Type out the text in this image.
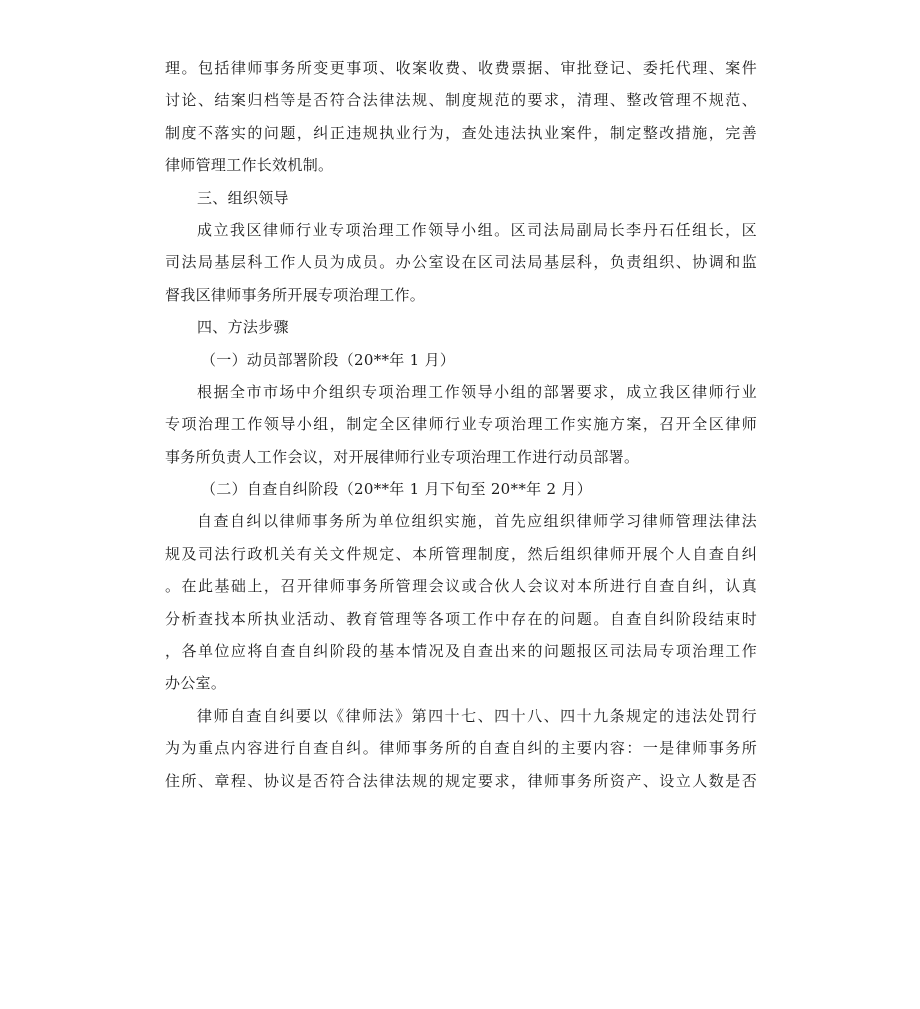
理。包括律师事务所变更事项、收案收费、收费票据、审批登记、委托代理、案件
讨论、结案归档等是否符合法律法规、制度规范的要求，清理、整改管理不规范、
制度不落实的问题，纠正违规执业行为，查处违法执业案件，制定整改措施，完善
律师管理工作长效机制。
三、组织领导
成立我区律师行业专项治理工作领导小组。区司法局副局长李丹石任组长，区
司法局基层科工作人员为成员。办公室设在区司法局基层科，负责组织、协调和监
督我区律师事务所开展专项治理工作。
四、方法步骤
（一）动员部署阶段（20**年 1 月）
根据全市市场中介组织专项治理工作领导小组的部署要求，成立我区律师行业
专项治理工作领导小组，制定全区律师行业专项治理工作实施方案，召开全区律师
事务所负责人工作会议，对开展律师行业专项治理工作进行动员部署。
（二）自查自纠阶段（20**年 1 月下旬至 20**年 2 月）
自查自纠以律师事务所为单位组织实施，首先应组织律师学习律师管理法律法
规及司法行政机关有关文件规定、本所管理制度，然后组织律师开展个人自查自纠
。在此基础上，召开律师事务所管理会议或合伙人会议对本所进行自查自纠，认真
分析查找本所执业活动、教育管理等各项工作中存在的问题。自查自纠阶段结束时
，各单位应将自查自纠阶段的基本情况及自查出来的问题报区司法局专项治理工作
办公室。
律师自查自纠要以《律师法》第四十七、四十八、四十九条规定的违法处罚行
为为重点内容进行自查自纠。律师事务所的自查自纠的主要内容：一是律师事务所
住所、章程、协议是否符合法律法规的规定要求，律师事务所资产、设立人数是否
